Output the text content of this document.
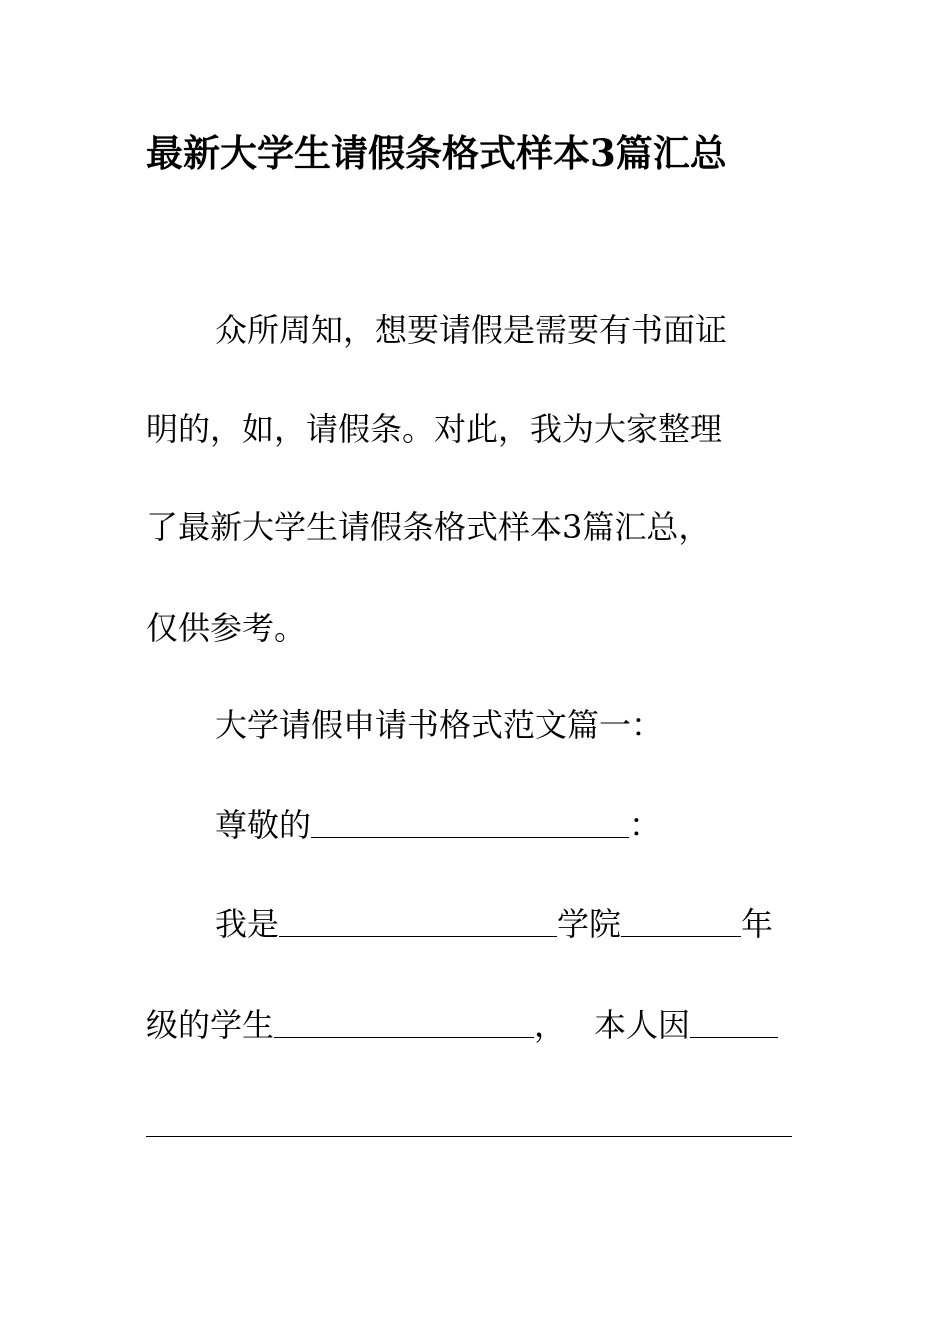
最新大学生请假条格式样本3篇汇总
众所周知，想要请假是需要有书面证
明的，如，请假条。对此，我为大家整理
了最新大学生请假条格式样本3篇汇总，
仅供参考。
大学请假申请书格式范文篇一：
尊敬的	：
我是	学院	年
级的学生	， 本人因
